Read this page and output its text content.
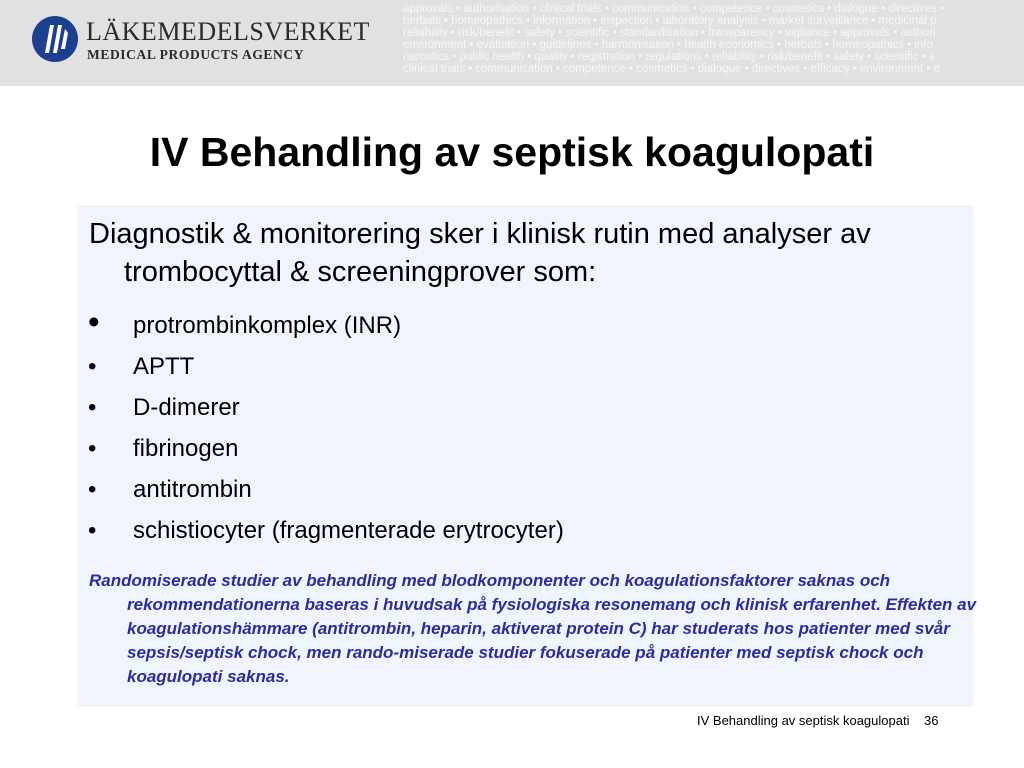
LÄKEMEDELSVERKET
MEDICAL PRODUCTS AGENCY
approvals • authorisation • clinical trials • communication • competence • cosmetics • dialogue • directives •
herbals • homeopathics • information • inspection • laboratory analysis • market surveillance • medicinal p
reliability • risk/benefit • safety • scientific • standardisation • transparency • vigilance • approvals • authori
environment • evaluation • guidelines • harmonisation • health economics • herbals • homeopathics • info
narcotics • public health • quality • registration • regulations • reliability • risk/benefit • safety • scientific • s
clinical trials • communication • competence • cosmetics • dialogue • directives • efficacy • environment • e
IV Behandling av septisk koagulopati

Diagnostik & monitorering sker i klinisk rutin med analyser av trombocyttal & screeningprover som:

• protrombinkomplex (INR)
• APTT
• D-dimerer
• fibrinogen
• antitrombin
• schistiocyter (fragmenterade erytrocyter)

Randomiserade studier av behandling med blodkomponenter och koagulationsfaktorer saknas och rekommendationerna baseras i huvudsak på fysiologiska resonemang och klinisk erfarenhet. Effekten av koagulationshämmare (antitrombin, heparin, aktiverat protein C) har studerats hos patienter med svår sepsis/septisk chock, men rando-miserade studier fokuserade på patienter med septisk chock och koagulopati saknas.

IV Behandling av septisk koagulopati 36
